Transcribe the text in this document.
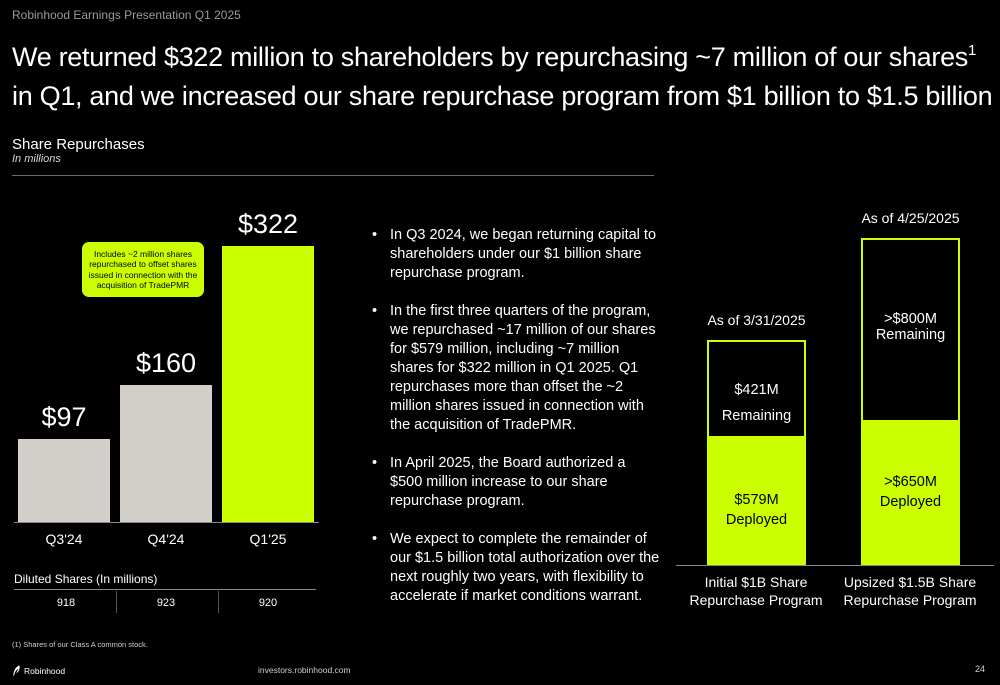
Robinhood Earnings Presentation Q1 2025
We returned $322 million to shareholders by repurchasing ~7 million of our shares$^1$ in Q1, and we increased our share repurchase program from $1 billion to $1.5 billion
Share Repurchases
In millions
$97
Q3'24
$160
Q4'24
$322
Q1'25
Includes ~2 million shares repurchased to offset shares issued in connection with the acquisition of TradePMR
Diluted Shares (In millions)
918	923	920
• In Q3 2024, we began returning capital to shareholders under our $1 billion share repurchase program.
• In the first three quarters of the program, we repurchased ~17 million of our shares for $579 million, including ~7 million shares for $322 million in Q1 2025. Q1 repurchases more than offset the ~2 million shares issued in connection with the acquisition of TradePMR.
• In April 2025, the Board authorized a $500 million increase to our share repurchase program.
• We expect to complete the remainder of our $1.5 billion total authorization over the next roughly two years, with flexibility to accelerate if market conditions warrant.
$579M
Deployed
$421M
Remaining
As of 3/31/2025
>$650M
Deployed
>$800M
Remaining
As of 4/25/2025
Initial $1B Share Repurchase Program
Upsized $1.5B Share Repurchase Program
(1) Shares of our Class A common stock.
Robinhood	investors.robinhood.com	24
